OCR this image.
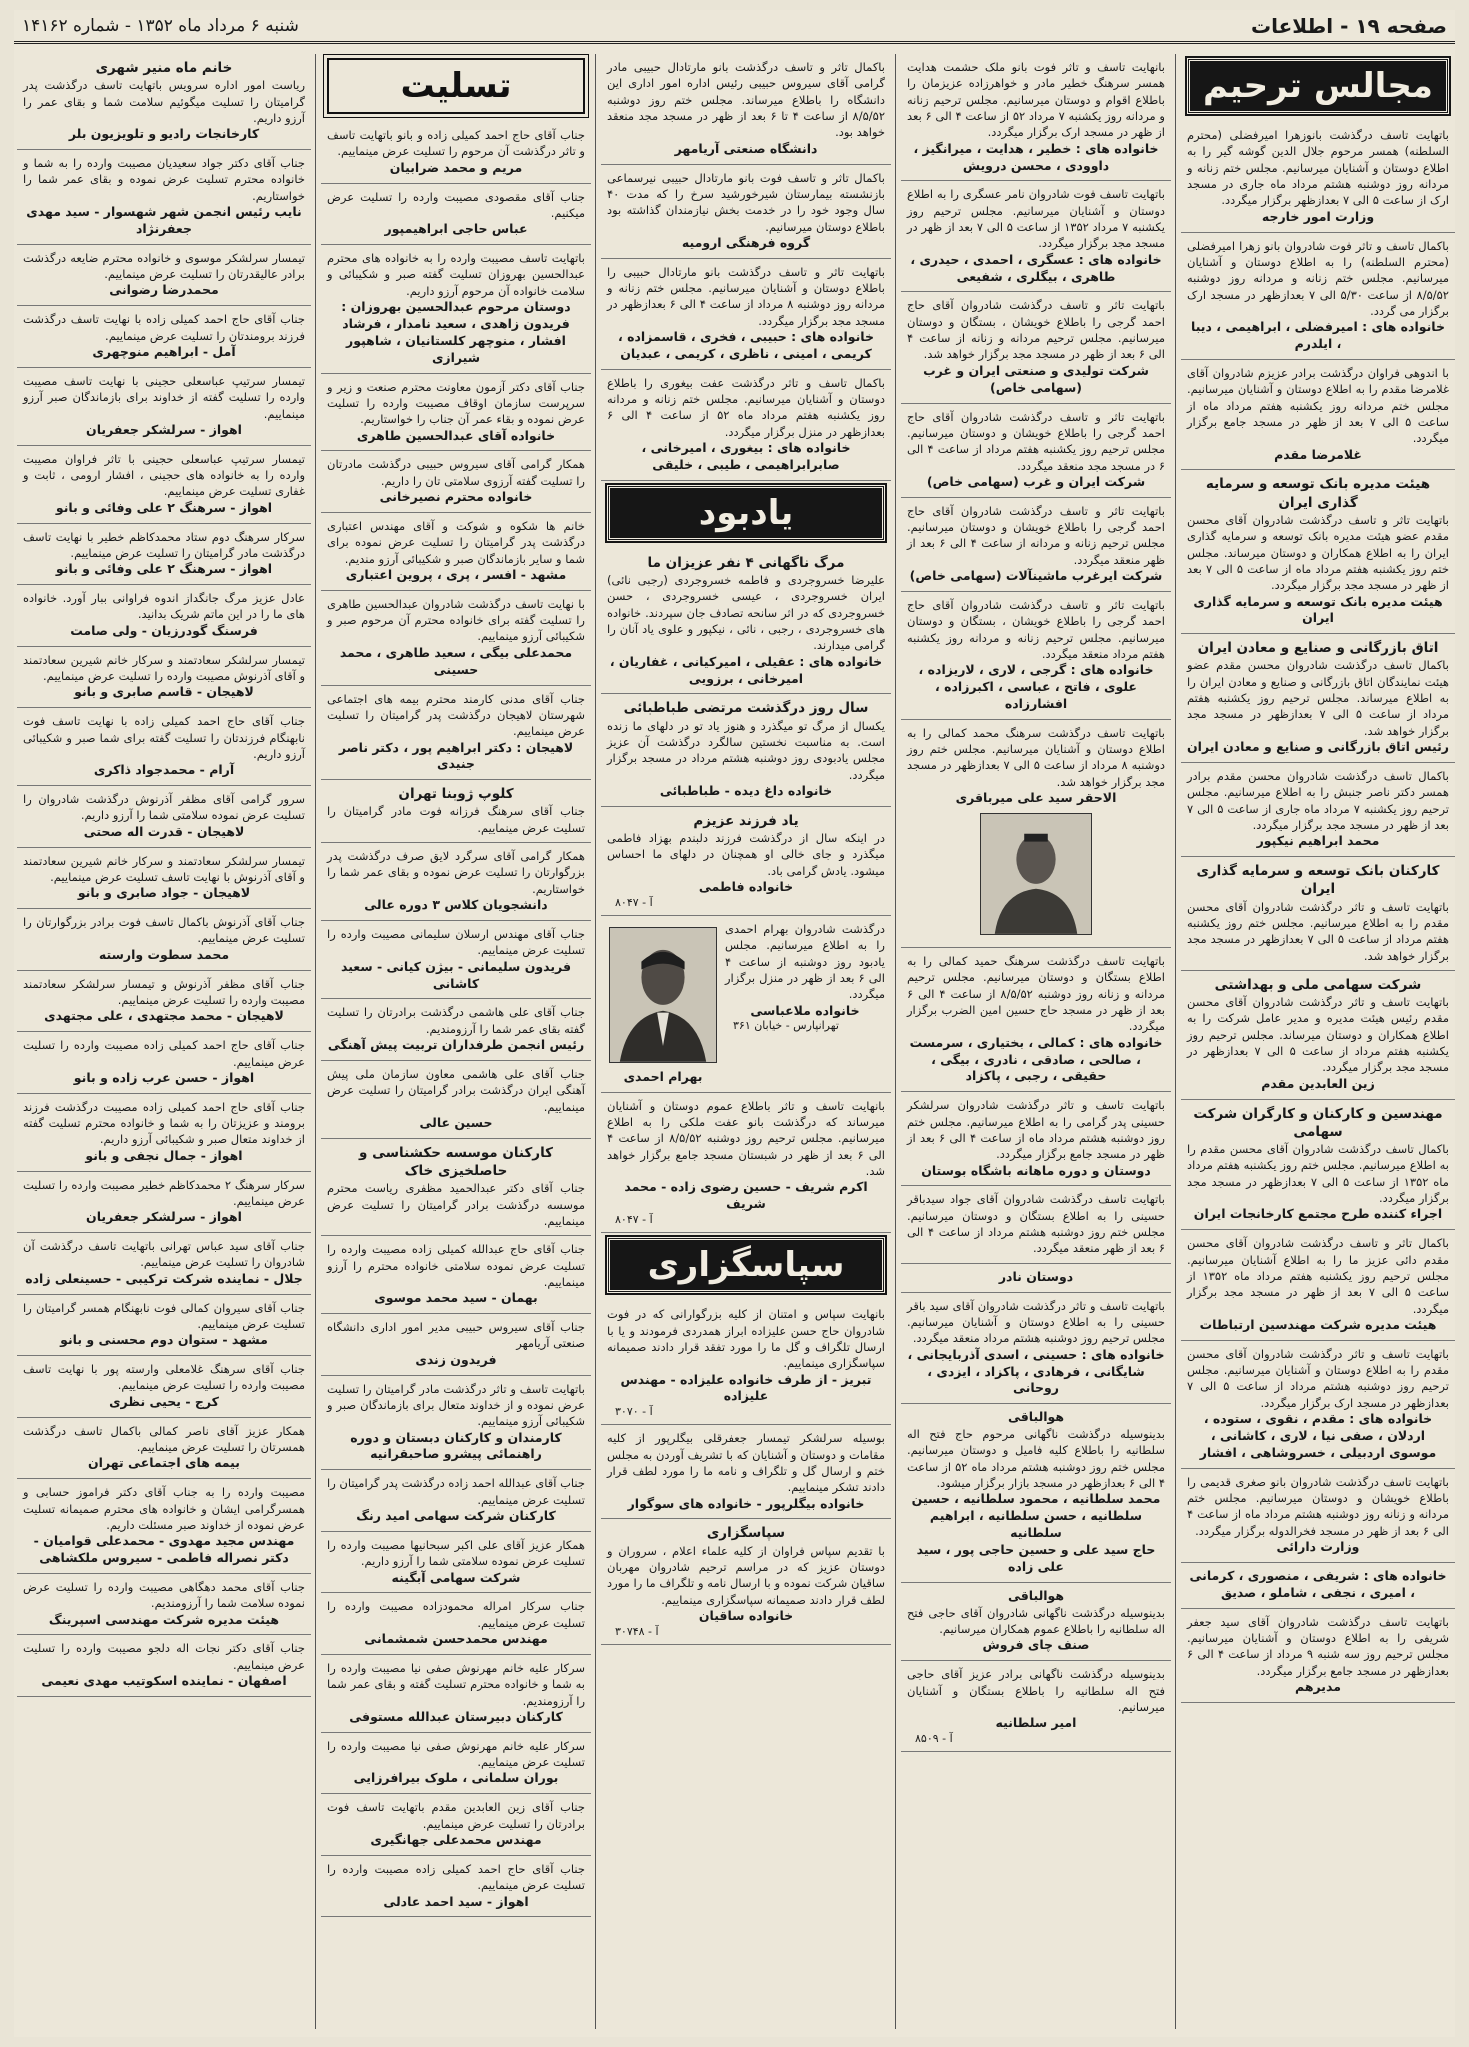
صفحه ۱۹ - اطلاعات
شنبه ۶ مرداد ماه ۱۳۵۲ - شماره ۱۴۱۶۲
مجالس ترحیم
باتهایت تاسف درگذشت بانوزهرا امیرفضلی (محترم السلطنه) همسر مرحوم جلال الدین گوشه گیر را به اطلاع دوستان و آشنایان میرسانیم. مجلس ختم زنانه و مردانه روز دوشنبه هشتم مرداد ماه جاری در مسجد ارک از ساعت ۵ الی ۷ بعدازظهر برگزار میگردد.
وزارت امور خارجه
باکمال تاسف و تاثر فوت شادروان بانو زهرا امیرفضلی (محترم السلطنه) را به اطلاع دوستان و آشنایان میرسانیم. مجلس ختم زنانه و مردانه روز دوشنبه ۸/۵/۵۲ از ساعت ۵/۳۰ الی ۷ بعدازظهر در مسجد ارک برگزار می گردد.
خانواده های : امیرفضلی ، ابراهیمی ، دیبا ، ایلدرم
با اندوهی فراوان درگذشت برادر عزیزم شادروان آقای غلامرضا مقدم را به اطلاع دوستان و آشنایان میرسانیم. مجلس ختم مردانه روز یکشنبه هفتم مرداد ماه از ساعت ۵ الی ۷ بعد از ظهر در مسجد جامع برگزار میگردد.
غلامرضا مقدم
هیئت مدیره بانک توسعه و سرمایه گذاری ایران
باتهایت تاثر و تاسف درگذشت شادروان آقای محسن مقدم عضو هیئت مدیره بانک توسعه و سرمایه گذاری ایران را به اطلاع همکاران و دوستان میرساند. مجلس ختم روز یکشنبه هفتم مرداد ماه از ساعت ۵ الی ۷ بعد از ظهر در مسجد مجد برگزار میگردد.
هیئت مدیره بانک توسعه و سرمایه گذاری ایران
اتاق بازرگانی و صنایع و معادن ایران
باکمال تاسف درگذشت شادروان محسن مقدم عضو هیئت نمایندگان اتاق بازرگانی و صنایع و معادن ایران را به اطلاع میرساند. مجلس ترحیم روز یکشنبه هفتم مرداد از ساعت ۵ الی ۷ بعدازظهر در مسجد مجد برگزار خواهد شد.
رئیس اتاق بازرگانی و صنایع و معادن ایران
باکمال تاسف درگذشت شادروان محسن مقدم برادر همسر دکتر ناصر جنبش را به اطلاع میرسانیم. مجلس ترحیم روز یکشنبه ۷ مرداد ماه جاری از ساعت ۵ الی ۷ بعد از ظهر در مسجد مجد برگزار میگردد.
محمد ابراهیم نیکپور
کارکنان بانک توسعه و سرمایه گذاری ایران
باتهایت تاسف و تاثر درگذشت شادروان آقای محسن مقدم را به اطلاع میرسانیم. مجلس ختم روز یکشنبه هفتم مرداد از ساعت ۵ الی ۷ بعدازظهر در مسجد مجد برگزار خواهد شد.
شرکت سهامی ملی و بهداشتی
باتهایت تاسف و تاثر درگذشت شادروان آقای محسن مقدم رئیس هیئت مدیره و مدیر عامل شرکت را به اطلاع همکاران و دوستان میرساند. مجلس ترحیم روز یکشنبه هفتم مرداد از ساعت ۵ الی ۷ بعدازظهر در مسجد مجد برگزار میگردد.
زین العابدین مقدم
مهندسین و کارکنان و کارگران شرکت سهامی
باکمال تاسف درگذشت شادروان آقای محسن مقدم را به اطلاع میرسانیم. مجلس ختم روز یکشنبه هفتم مرداد ماه ۱۳۵۲ از ساعت ۵ الی ۷ بعدازظهر در مسجد مجد برگزار میگردد.
اجراء کننده طرح مجتمع کارخانجات ایران
باکمال تاثر و تاسف درگذشت شادروان آقای محسن مقدم دائی عزیز ما را به اطلاع آشنایان میرسانیم. مجلس ترحیم روز یکشنبه هفتم مرداد ماه ۱۳۵۲ از ساعت ۵ الی ۷ بعد از ظهر در مسجد مجد برگزار میگردد.
هیئت مدیره شرکت مهندسین ارتباطات
باتهایت تاسف و تاثر درگذشت شادروان آقای محسن مقدم را به اطلاع دوستان و آشنایان میرسانیم. مجلس ترحیم روز دوشنبه هشتم مرداد از ساعت ۵ الی ۷ بعدازظهر در مسجد ارک برگزار میگردد.
خانواده های : مقدم ، نقوی ، ستوده ، اردلان ، صفی نیا ، لاری ، کاشانی ، موسوی اردبیلی ، خسروشاهی ، افشار
باتهایت تاسف درگذشت شادروان بانو صغری قدیمی را باطلاع خویشان و دوستان میرسانیم. مجلس ختم مردانه و زنانه روز دوشنبه هشتم مرداد ماه از ساعت ۴ الی ۶ بعد از ظهر در مسجد فخرالدوله برگزار میگردد.
وزارت دارائی
خانواده های : شریفی ، منصوری ، کرمانی ، امیری ، نجفی ، شاملو ، صدیق
باتهایت تاسف درگذشت شادروان آقای سید جعفر شریفی را به اطلاع دوستان و آشنایان میرسانیم. مجلس ترحیم روز سه شنبه ۹ مرداد از ساعت ۴ الی ۶ بعدازظهر در مسجد جامع برگزار میگردد.
مدیرهم
بانهایت تاسف و تاثر فوت بانو ملک حشمت هدایت همسر سرهنگ خطیر مادر و خواهرزاده عزیزمان را باطلاع اقوام و دوستان میرسانیم. مجلس ترحیم زنانه و مردانه روز یکشنبه ۷ مرداد ۵۲ از ساعت ۴ الی ۶ بعد از ظهر در مسجد ارک برگزار میگردد.
خانواده های : خطیر ، هدایت ، میرانگیز ، داوودی ، محسن درویش
باتهایت تاسف فوت شادروان نامر عسگری را به اطلاع دوستان و آشنایان میرسانیم. مجلس ترحیم روز یکشنبه ۷ مرداد ۱۳۵۲ از ساعت ۵ الی ۷ بعد از ظهر در مسجد مجد برگزار میگردد.
خانواده های : عسگری ، احمدی ، حیدری ، طاهری ، بیگلری ، شفیعی
باتهایت تاثر و تاسف درگذشت شادروان آقای حاج احمد گرجی را باطلاع خویشان ، بستگان و دوستان میرسانیم. مجلس ترحیم مردانه و زنانه از ساعت ۴ الی ۶ بعد از ظهر در مسجد مجد برگزار خواهد شد.
شرکت تولیدی و صنعتی ایران و غرب (سهامی خاص)
باتهایت تاثر و تاسف درگذشت شادروان آقای حاج احمد گرجی را باطلاع خویشان و دوستان میرسانیم. مجلس ترحیم روز یکشنبه هفتم مرداد از ساعت ۴ الی ۶ در مسجد مجد منعقد میگردد.
شرکت ایران و غرب (سهامی خاص)
باتهایت تاثر و تاسف درگذشت شادروان آقای حاج احمد گرجی را باطلاع خویشان و دوستان میرسانیم. مجلس ترحیم زنانه و مردانه از ساعت ۴ الی ۶ بعد از ظهر منعقد میگردد.
شرکت ایرغرب ماشینآلات (سهامی خاص)
باتهایت تاثر و تاسف درگذشت شادروان آقای حاج احمد گرجی را باطلاع خویشان ، بستگان و دوستان میرسانیم. مجلس ترحیم زنانه و مردانه روز یکشنبه هفتم مرداد منعقد میگردد.
خانواده های : گرجی ، لاری ، لاریزاده ، علوی ، فاتح ، عباسی ، اکبرزاده ، افشارزاده
باتهایت تاسف درگذشت سرهنگ محمد کمالی را به اطلاع دوستان و آشنایان میرسانیم. مجلس ختم روز دوشنبه ۸ مرداد از ساعت ۵ الی ۷ بعدازظهر در مسجد مجد برگزار خواهد شد.
الاحقر سید علی میرباقری
باتهایت تاسف درگذشت سرهنگ حمید کمالی را به اطلاع بستگان و دوستان میرسانیم. مجلس ترحیم مردانه و زنانه روز دوشنبه ۸/۵/۵۲ از ساعت ۴ الی ۶ بعد از ظهر در مسجد حاج حسین امین الضرب برگزار میگردد.
خانواده های : کمالی ، بختیاری ، سرمست ، صالحی ، صادقی ، نادری ، بیگی ، حقیقی ، رجبی ، پاکزاد
باتهایت تاسف و تاثر درگذشت شادروان سرلشکر حسینی پدر گرامی را به اطلاع میرسانیم. مجلس ختم روز دوشنبه هشتم مرداد ماه از ساعت ۴ الی ۶ بعد از ظهر در مسجد جامع برگزار میگردد.
دوستان و دوره ماهانه باشگاه بوستان
باتهایت تاسف درگذشت شادروان آقای جواد سیدباقر حسینی را به اطلاع بستگان و دوستان میرسانیم. مجلس ختم روز دوشنبه هشتم مرداد از ساعت ۴ الی ۶ بعد از ظهر منعقد میگردد.
دوستان نادر
باتهایت تاسف و تاثر درگذشت شادروان آقای سید باقر حسینی را به اطلاع دوستان و آشنایان میرسانیم. مجلس ترحیم روز دوشنبه هشتم مرداد منعقد میگردد.
خانواده های : حسینی ، اسدی آذربایجانی ، شایگانی ، فرهادی ، پاکزاد ، ایزدی ، روحانی
هوالباقی
بدینوسیله درگذشت ناگهانی مرحوم حاج فتح اله سلطانیه را باطلاع کلیه فامیل و دوستان میرسانیم. مجلس ختم روز دوشنبه هشتم مرداد ماه ۵۲ از ساعت ۴ الی ۶ بعدازظهر در مسجد بازار برگزار میشود.
محمد سلطانیه ، محمود سلطانیه ، حسین سلطانیه ، حسن سلطانیه ، ابراهیم سلطانیه
حاج سید علی و حسین حاجی پور ، سید علی زاده
هوالباقی
بدینوسیله درگذشت ناگهانی شادروان آقای حاجی فتح اله سلطانیه را باطلاع عموم همکاران میرسانیم.
صنف چای فروش
بدینوسیله درگذشت ناگهانی برادر عزیز آقای حاجی فتح اله سلطانیه را باطلاع بستگان و آشنایان میرسانیم.
امیر سلطانیه
آ - ۸۵۰۹
باکمال تاثر و تاسف درگذشت بانو مارتادال حبیبی مادر گرامی آقای سیروس حبیبی رئیس اداره امور اداری این دانشگاه را باطلاع میرساند. مجلس ختم روز دوشنبه ۸/۵/۵۲ از ساعت ۴ تا ۶ بعد از ظهر در مسجد مجد منعقد خواهد بود.
دانشگاه صنعتی آریامهر
باکمال تاثر و تاسف فوت بانو مارتادال حبیبی نیرسماعی بازنشسته بیمارستان شیرخورشید سرخ را که مدت ۴۰ سال وجود خود را در خدمت بخش نیازمندان گذاشته بود باطلاع دوستان میرسانیم.
گروه فرهنگی ارومیه
باتهایت تاثر و تاسف درگذشت بانو مارتادال حبیبی را باطلاع دوستان و آشنایان میرسانیم. مجلس ختم زنانه و مردانه روز دوشنبه ۸ مرداد از ساعت ۴ الی ۶ بعدازظهر در مسجد مجد برگزار میگردد.
خانواده های : حبیبی ، فخری ، قاسمزاده ، کریمی ، امینی ، ناظری ، کریمی ، عبدیان
باکمال تاسف و تاثر درگذشت عفت بیغوری را باطلاع دوستان و آشنایان میرسانیم. مجلس ختم زنانه و مردانه روز یکشنبه هفتم مرداد ماه ۵۲ از ساعت ۴ الی ۶ بعدازظهر در منزل برگزار میگردد.
خانواده های : بیغوری ، امیرخانی ، صابرابراهیمی ، طیبی ، خلیقی
یادبود
مرگ ناگهانی ۴ نفر عزیزان ما
علیرضا خسروجردی و فاطمه خسروجردی (رجبی نائی) ایران خسروجردی ، عیسی خسروجردی ، حسن خسروجردی که در اثر سانحه تصادف جان سپردند. خانواده های خسروجردی ، رجبی ، نائی ، نیکپور و علوی یاد آنان را گرامی میدارند.
خانواده های : عقیلی ، امیرکیانی ، غفاریان ، امیرخانی ، برزویی
سال روز درگذشت مرتضی طباطبائی
یکسال از مرگ تو میگذرد و هنوز یاد تو در دلهای ما زنده است. به مناسبت نخستین سالگرد درگذشت آن عزیز مجلس یادبودی روز دوشنبه هشتم مرداد در مسجد برگزار میگردد.
خانواده داغ دیده - طباطبائی
یاد فرزند عزیزم
در اینکه سال از درگذشت فرزند دلبندم بهزاد فاطمی میگذرد و جای خالی او همچنان در دلهای ما احساس میشود. یادش گرامی باد.
خانواده فاطمی
آ - ۸۰۴۷
درگذشت شادروان بهرام احمدی را به اطلاع میرسانیم. مجلس یادبود روز دوشنبه از ساعت ۴ الی ۶ بعد از ظهر در منزل برگزار میگردد.
خانواده ملاعباسی
تهرانپارس - خیابان ۳۶۱
بهرام احمدی
بانهایت تاسف و تاثر باطلاع عموم دوستان و آشنایان میرساند که درگذشت بانو عفت ملکی را به اطلاع میرسانیم. مجلس ترحیم روز دوشنبه ۸/۵/۵۲ از ساعت ۴ الی ۶ بعد از ظهر در شبستان مسجد جامع برگزار خواهد شد.
اکرم شریف - حسین رضوی زاده - محمد شریف
آ - ۸۰۴۷
سپاسگزاری
بانهایت سپاس و امتنان از کلیه بزرگوارانی که در فوت شادروان حاج حسن علیزاده ابراز همدردی فرمودند و یا با ارسال تلگراف و گل ما را مورد تفقد قرار دادند صمیمانه سپاسگزاری مینماییم.
تبریز - از طرف خانواده علیزاده - مهندس علیزاده
آ - ۳۰۷۰
بوسیله سرلشکر تیمسار جعفرقلی بیگلرپور از کلیه مقامات و دوستان و آشنایان که با تشریف آوردن به مجلس ختم و ارسال گل و تلگراف و نامه ما را مورد لطف قرار دادند تشکر مینماییم.
خانواده بیگلرپور - خانواده های سوگوار
سپاسگزاری
با تقدیم سپاس فراوان از کلیه علماء اعلام ، سروران و دوستان عزیز که در مراسم ترحیم شادروان مهربان ساقیان شرکت نموده و با ارسال نامه و تلگراف ما را مورد لطف قرار دادند صمیمانه سپاسگزاری مینماییم.
خانواده ساقیان
آ - ۳۰۷۴۸
تسلیت
جناب آقای حاج احمد کمیلی زاده و بانو باتهایت تاسف و تاثر درگذشت آن مرحوم را تسلیت عرض مینماییم.
مریم و محمد ضرابیان
جناب آقای مقصودی مصیبت وارده را تسلیت عرض میکنیم.
عباس حاجی ابراهیمپور
باتهایت تاسف مصیبت وارده را به خانواده های محترم عبدالحسین بهروزان تسلیت گفته صبر و شکیبائی و سلامت خانواده آن مرحوم آرزو داریم.
دوستان مرحوم عبدالحسین بهروزان : فریدون زاهدی ، سعید نامدار ، فرشاد افشار ، منوچهر کلستانیان ، شاهپور شیرازی
جناب آقای دکتر آزمون معاونت محترم صنعت و زیر و سرپرست سازمان اوقاف مصیبت وارده را تسلیت عرض نموده و بقاء عمر آن جناب را خواستاریم.
خانواده آقای عبدالحسین طاهری
همکار گرامی آقای سیروس حبیبی درگذشت مادرتان را تسلیت گفته آرزوی سلامتی تان را داریم.
خانواده محترم نصیرخانی
خانم ها شکوه و شوکت و آقای مهندس اعتباری درگذشت پدر گرامیتان را تسلیت عرض نموده برای شما و سایر بازماندگان صبر و شکیبائی آرزو مندیم.
مشهد - افسر ، پری ، پروین اعتباری
با نهایت تاسف درگذشت شادروان عبدالحسین طاهری را تسلیت گفته برای خانواده محترم آن مرحوم صبر و شکیبائی آرزو مینماییم.
محمدعلی بیگی ، سعید طاهری ، محمد حسینی
جناب آقای مدنی کارمند محترم بیمه های اجتماعی شهرستان لاهیجان درگذشت پدر گرامیتان را تسلیت عرض مینماییم.
لاهیجان : دکتر ابراهیم پور ، دکتر ناصر جنیدی
کلوپ ژوبنا تهران
جناب آقای سرهنگ فرزانه فوت مادر گرامیتان را تسلیت عرض مینماییم.
همکار گرامی آقای سرگرد لایق صرف درگذشت پدر بزرگوارتان را تسلیت عرض نموده و بقای عمر شما را خواستاریم.
دانشجویان کلاس ۳ دوره عالی
جناب آقای مهندس ارسلان سلیمانی مصیبت وارده را تسلیت عرض مینماییم.
فریدون سلیمانی - بیژن کیانی - سعید کاشانی
جناب آقای علی هاشمی درگذشت برادرتان را تسلیت گفته بقای عمر شما را آرزومندیم.
رئیس انجمن طرفداران تربیت پیش آهنگی
جناب آقای علی هاشمی معاون سازمان ملی پیش آهنگی ایران درگذشت برادر گرامیتان را تسلیت عرض مینماییم.
حسین عالی
کارکنان موسسه حکشناسی و حاصلخیزی خاک
جناب آقای دکتر عبدالحمید مظفری ریاست محترم موسسه درگذشت برادر گرامیتان را تسلیت عرض مینماییم.
جناب آقای حاج عبدالله کمیلی زاده مصیبت وارده را تسلیت عرض نموده سلامتی خانواده محترم را آرزو مینماییم.
بهمان - سید محمد موسوی
جناب آقای سیروس حبیبی مدیر امور اداری دانشگاه صنعتی آریامهر
فریدون زندی
باتهایت تاسف و تاثر درگذشت مادر گرامیتان را تسلیت عرض نموده و از خداوند متعال برای بازماندگان صبر و شکیبائی آرزو مینماییم.
کارمندان و کارکنان دبستان و دوره راهنمائی پیشرو صاحبقرانیه
جناب آقای عبدالله احمد زاده درگذشت پدر گرامیتان را تسلیت عرض مینماییم.
کارکنان شرکت سهامی امید رنگ
همکار عزیز آقای علی اکبر سبحانیها مصیبت وارده را تسلیت عرض نموده سلامتی شما را آرزو داریم.
شرکت سهامی آبگینه
جناب سرکار امراله محمودزاده مصیبت وارده را تسلیت عرض مینماییم.
مهندس محمدحسن شمشمانی
سرکار علیه خانم مهرنوش صفی نیا مصیبت وارده را به شما و خانواده محترم تسلیت گفته و بقای عمر شما را آرزومندیم.
کارکنان دبیرستان عبدالله مستوفی
سرکار علیه خانم مهرنوش صفی نیا مصیبت وارده را تسلیت عرض مینماییم.
بوران سلمانی ، ملوک بیرافرزایی
جناب آقای زین العابدین مقدم باتهایت تاسف فوت برادرتان را تسلیت عرض مینماییم.
مهندس محمدعلی جهانگیری
جناب آقای حاج احمد کمیلی زاده مصیبت وارده را تسلیت عرض مینماییم.
اهواز - سید احمد عادلی
خانم ماه منیر شهری
ریاست امور اداره سرویس باتهایت تاسف درگذشت پدر گرامیتان را تسلیت میگوئیم سلامت شما و بقای عمر را آرزو داریم.
کارخانجات رادیو و تلویزیون بلر
جناب آقای دکتر جواد سعیدیان مصیبت وارده را به شما و خانواده محترم تسلیت عرض نموده و بقای عمر شما را خواستاریم.
نایب رئیس انجمن شهر شهسوار - سید مهدی جعفرنژاد
تیمسار سرلشکر موسوی و خانواده محترم ضایعه درگذشت برادر عالیقدرتان را تسلیت عرض مینماییم.
محمدرضا رضوانی
جناب آقای حاج احمد کمیلی زاده با نهایت تاسف درگذشت فرزند برومندتان را تسلیت عرض مینماییم.
آمل - ابراهیم منوچهری
تیمسار سرتیپ عباسعلی حجینی با نهایت تاسف مصیبت وارده را تسلیت گفته از خداوند برای بازماندگان صبر آرزو مینماییم.
اهواز - سرلشکر جعفریان
تیمسار سرتیپ عباسعلی حجینی با تاثر فراوان مصیبت وارده را به خانواده های حجینی ، افشار ارومی ، ثابت و غفاری تسلیت عرض مینماییم.
اهواز - سرهنگ ۲ علی وفائی و بانو
سرکار سرهنگ دوم ستاد محمدکاظم خطیر با نهایت تاسف درگذشت مادر گرامیتان را تسلیت عرض مینماییم.
اهواز - سرهنگ ۲ علی وفائی و بانو
عادل عزیز مرگ جانگداز اندوه فراوانی ببار آورد. خانواده های ما را در این ماتم شریک بدانید.
فرسنگ گودرزیان - ولی صامت
تیمسار سرلشکر سعادتمند و سرکار خانم شیرین سعادتمند و آقای آذرنوش مصیبت وارده را تسلیت عرض مینماییم.
لاهیجان - قاسم صابری و بانو
جناب آقای حاج احمد کمیلی زاده با نهایت تاسف فوت نابهنگام فرزندتان را تسلیت گفته برای شما صبر و شکیبائی آرزو داریم.
آرام - محمدجواد ذاکری
سرور گرامی آقای مظفر آذرنوش درگذشت شادروان را تسلیت عرض نموده سلامتی شما را آرزو داریم.
لاهیجان - قدرت اله صحتی
تیمسار سرلشکر سعادتمند و سرکار خانم شیرین سعادتمند و آقای آذرنوش با نهایت تاسف تسلیت عرض مینماییم.
لاهیجان - جواد صابری و بانو
جناب آقای آذرنوش باکمال تاسف فوت برادر بزرگوارتان را تسلیت عرض مینماییم.
محمد سطوت وارسته
جناب آقای مظفر آذرنوش و تیمسار سرلشکر سعادتمند مصیبت وارده را تسلیت عرض مینماییم.
لاهیجان - محمد مجتهدی ، علی مجتهدی
جناب آقای حاج احمد کمیلی زاده مصیبت وارده را تسلیت عرض مینماییم.
اهواز - حسن عرب زاده و بانو
جناب آقای حاج احمد کمیلی زاده مصیبت درگذشت فرزند برومند و عزیزتان را به شما و خانواده محترم تسلیت گفته از خداوند متعال صبر و شکیبائی آرزو داریم.
اهواز - جمال نجفی و بانو
سرکار سرهنگ ۲ محمدکاظم خطیر مصیبت وارده را تسلیت عرض مینماییم.
اهواز - سرلشکر جعفریان
جناب آقای سید عباس تهرانی باتهایت تاسف درگذشت آن شادروان را تسلیت عرض مینماییم.
جلال - نماینده شرکت ترکیبی - حسینعلی زاده
جناب آقای سیروان کمالی فوت نابهنگام همسر گرامیتان را تسلیت عرض مینماییم.
مشهد - ستوان دوم محسنی و بانو
جناب آقای سرهنگ غلامعلی وارسته پور با نهایت تاسف مصیبت وارده را تسلیت عرض مینماییم.
کرج - یحیی نظری
همکار عزیز آقای ناصر کمالی باکمال تاسف درگذشت همسرتان را تسلیت عرض مینماییم.
بیمه های اجتماعی تهران
مصیبت وارده را به جناب آقای دکتر فراموز حسابی و همسرگرامی ایشان و خانواده های محترم صمیمانه تسلیت عرض نموده از خداوند صبر مسئلت داریم.
مهندس مجید مهدوی - محمدعلی قوامیان - دکتر نصراله فاطمی - سیروس ملکشاهی
جناب آقای محمد دهگاهی مصیبت وارده را تسلیت عرض نموده سلامت شما را آرزومندیم.
هیئت مدیره شرکت مهندسی اسپرینگ
جناب آقای دکتر نجات اله دلجو مصیبت وارده را تسلیت عرض مینماییم.
اصفهان - نماینده اسکوتیب مهدی نعیمی
